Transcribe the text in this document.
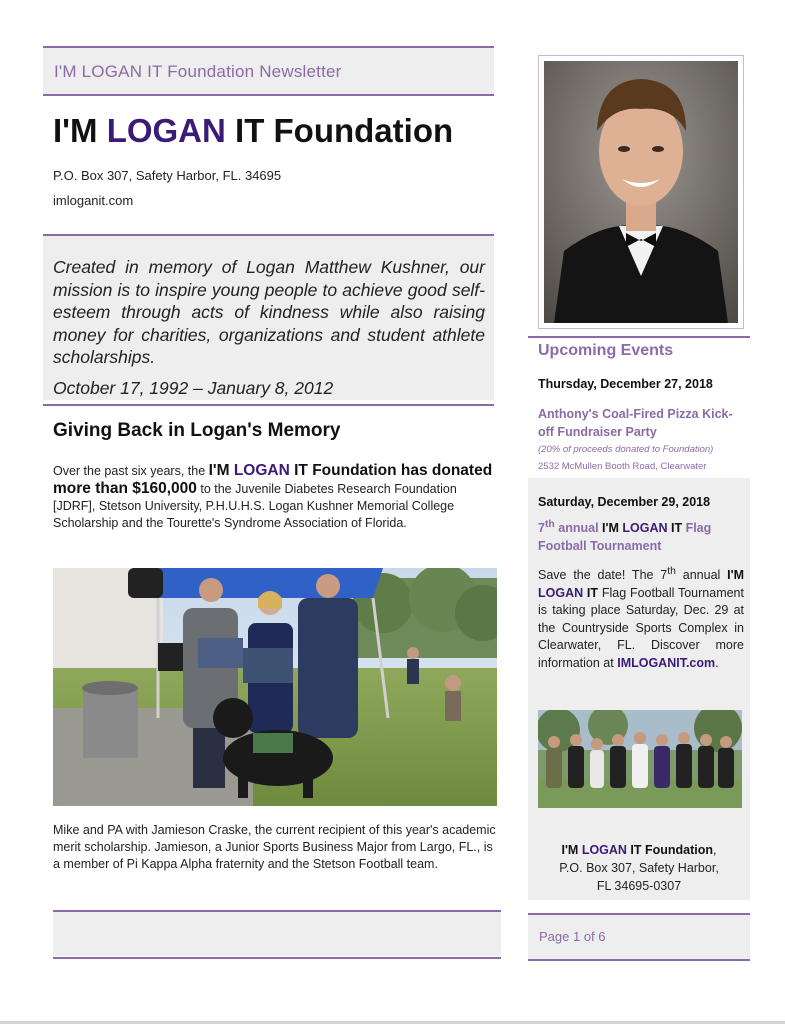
I'M LOGAN IT Foundation Newsletter
I'M LOGAN IT Foundation
P.O. Box 307, Safety Harbor, FL. 34695
imloganit.com
Created in memory of Logan Matthew Kushner, our mission is to inspire young people to achieve good self-esteem through acts of kindness while also raising money for charities, organizations and student athlete scholarships.
October 17, 1992 – January 8, 2012
Giving Back in Logan's Memory
Over the past six years, the I'M LOGAN IT Foundation has donated more than $160,000 to the Juvenile Diabetes Research Foundation [JDRF], Stetson University, P.H.U.H.S. Logan Kushner Memorial College Scholarship and the Tourette's Syndrome Association of Florida.
Mike and PA with Jamieson Craske, the current recipient of this year's academic merit scholarship. Jamieson, a Junior Sports Business Major from Largo, FL., is a member of Pi Kappa Alpha fraternity and the Stetson Football team.
Upcoming Events
Thursday, December 27, 2018
Anthony's Coal-Fired Pizza Kick-off Fundraiser Party
(20% of proceeds donated to Foundation)
2532 McMullen Booth Road, Clearwater
Saturday, December 29, 2018
7th annual I'M LOGAN IT Flag Football Tournament
Save the date! The 7th annual I'M LOGAN IT Flag Football Tournament is taking place Saturday, Dec. 29 at the Countryside Sports Complex in Clearwater, FL. Discover more information at IMLOGANIT.com.
I'M LOGAN IT Foundation,
P.O. Box 307, Safety Harbor,
FL 34695-0307
Page 1 of 6
